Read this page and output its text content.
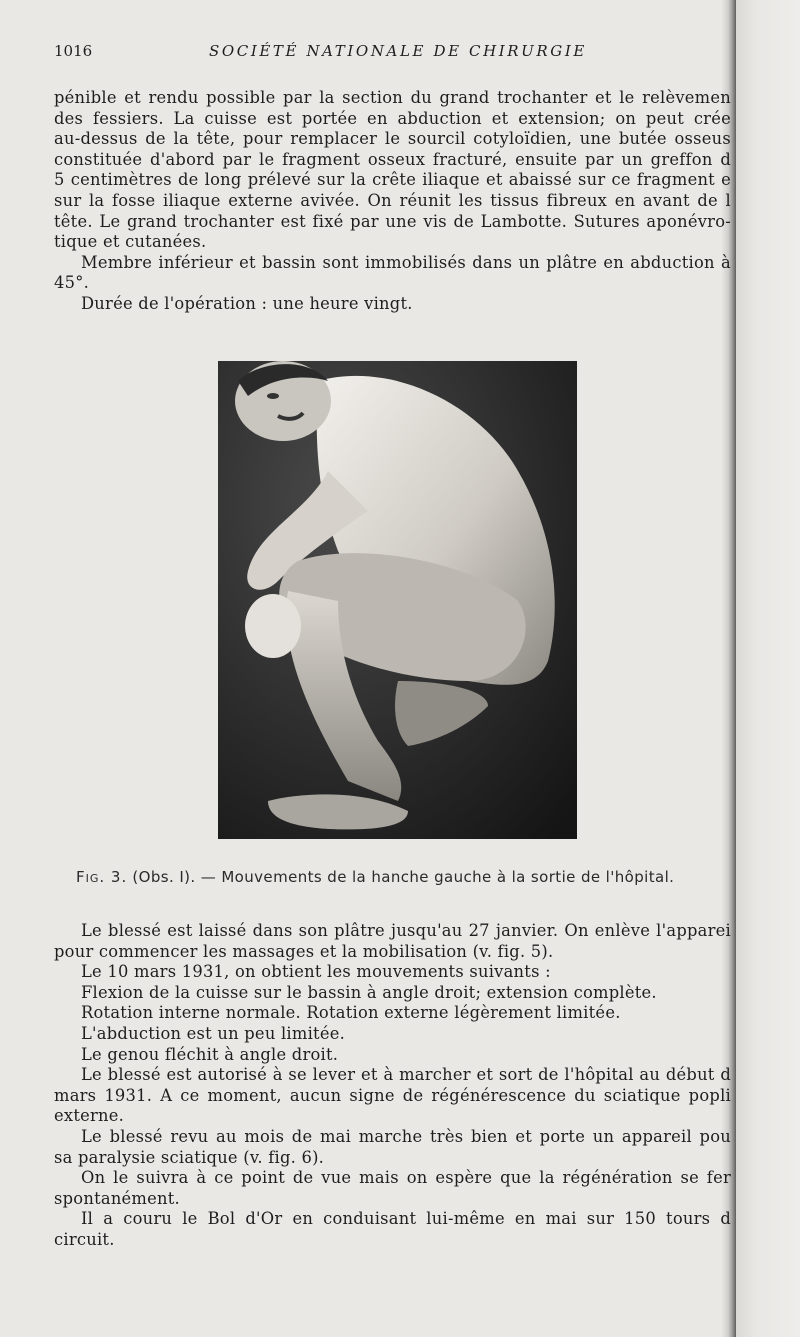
1016	SOCIÉTÉ NATIONALE DE CHIRURGIE

pénible et rendu possible par la section du grand trochanter et le relèvemen

des fessiers. La cuisse est portée en abduction et extension; on peut crée

au-dessus de la tête, pour remplacer le sourcil cotyloïdien, une butée osseus

constituée d'abord par le fragment osseux fracturé, ensuite par un greffon d

5 centimètres de long prélevé sur la crête iliaque et abaissé sur ce fragment e

sur la fosse iliaque externe avivée. On réunit les tissus fibreux en avant de l

tête. Le grand trochanter est fixé par une vis de Lambotte. Sutures aponévro-

tique et cutanées.

Membre inférieur et bassin sont immobilisés dans un plâtre en abduction à

45°.

Durée de l'opération : une heure vingt.

Fig. 3. (Obs. I). — Mouvements de la hanche gauche à la sortie de l'hôpital.

Le blessé est laissé dans son plâtre jusqu'au 27 janvier. On enlève l'apparei

pour commencer les massages et la mobilisation (v. fig. 5).

Le 10 mars 1931, on obtient les mouvements suivants :

Flexion de la cuisse sur le bassin à angle droit; extension complète.

Rotation interne normale. Rotation externe légèrement limitée.

L'abduction est un peu limitée.

Le genou fléchit à angle droit.

Le blessé est autorisé à se lever et à marcher et sort de l'hôpital au début d

mars 1931. A ce moment, aucun signe de régénérescence du sciatique popli

externe.

Le blessé revu au mois de mai marche très bien et porte un appareil pou

sa paralysie sciatique (v. fig. 6).

On le suivra à ce point de vue mais on espère que la régénération se fer

spontanément.

Il a couru le Bol d'Or en conduisant lui-même en mai sur 150 tours d

circuit.
